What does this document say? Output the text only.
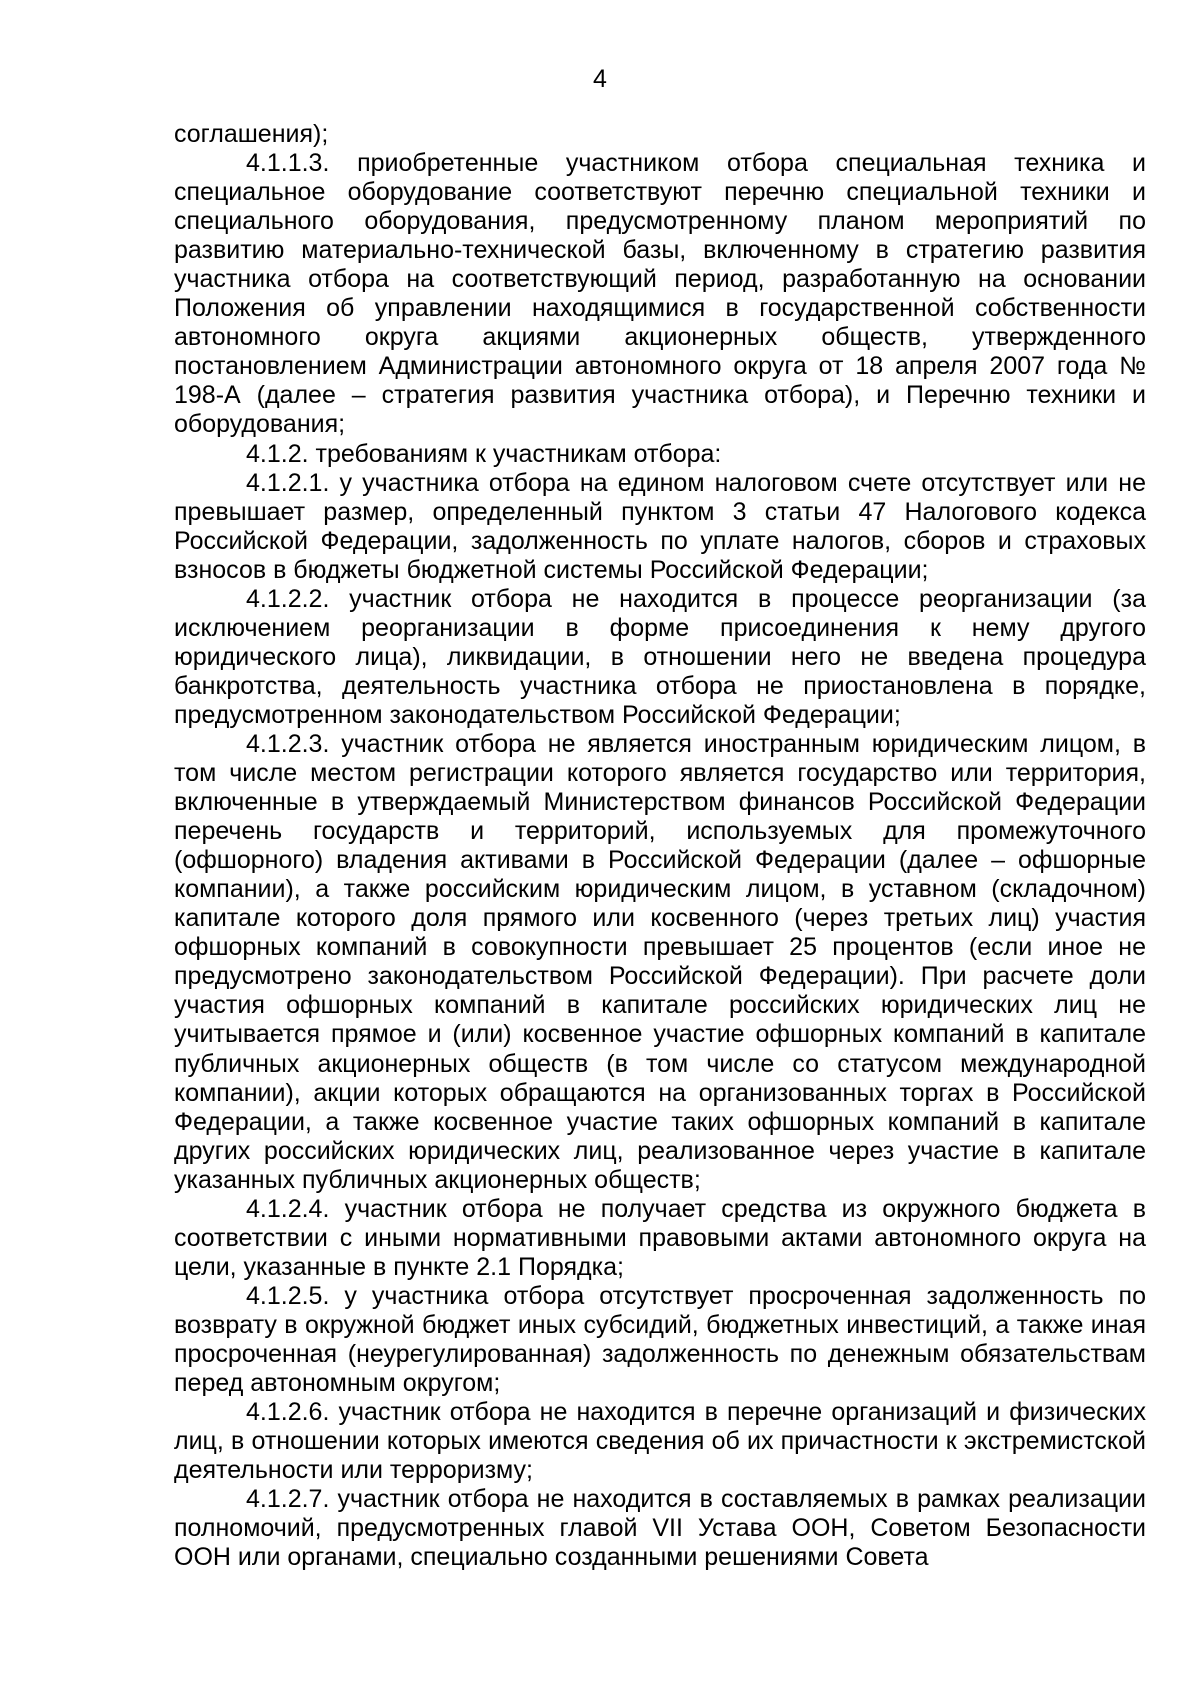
4

соглашения);

4.1.1.3. приобретенные участником отбора специальная техника и специальное оборудование соответствуют перечню специальной техники и специального оборудования, предусмотренному планом мероприятий по развитию материально-технической базы, включенному в стратегию развития участника отбора на соответствующий период, разработанную на основании Положения об управлении находящимися в государственной собственности автономного округа акциями акционерных обществ, утвержденного постановлением Администрации автономного округа от 18 апреля 2007 года № 198-А (далее – стратегия развития участника отбора), и Перечню техники и оборудования;

4.1.2. требованиям к участникам отбора:

4.1.2.1. у участника отбора на едином налоговом счете отсутствует или не превышает размер, определенный пунктом 3 статьи 47 Налогового кодекса Российской Федерации, задолженность по уплате налогов, сборов и страховых взносов в бюджеты бюджетной системы Российской Федерации;

4.1.2.2. участник отбора не находится в процессе реорганизации (за исключением реорганизации в форме присоединения к нему другого юридического лица), ликвидации, в отношении него не введена процедура банкротства, деятельность участника отбора не приостановлена в порядке, предусмотренном законодательством Российской Федерации;

4.1.2.3. участник отбора не является иностранным юридическим лицом, в том числе местом регистрации которого является государство или территория, включенные в утверждаемый Министерством финансов Российской Федерации перечень государств и территорий, используемых для промежуточного (офшорного) владения активами в Российской Федерации (далее – офшорные компании), а также российским юридическим лицом, в уставном (складочном) капитале которого доля прямого или косвенного (через третьих лиц) участия офшорных компаний в совокупности превышает 25 процентов (если иное не предусмотрено законодательством Российской Федерации). При расчете доли участия офшорных компаний в капитале российских юридических лиц не учитывается прямое и (или) косвенное участие офшорных компаний в капитале публичных акционерных обществ (в том числе со статусом международной компании), акции которых обращаются на организованных торгах в Российской Федерации, а также косвенное участие таких офшорных компаний в капитале других российских юридических лиц, реализованное через участие в капитале указанных публичных акционерных обществ;

4.1.2.4. участник отбора не получает средства из окружного бюджета в соответствии с иными нормативными правовыми актами автономного округа на цели, указанные в пункте 2.1 Порядка;

4.1.2.5. у участника отбора отсутствует просроченная задолженность по возврату в окружной бюджет иных субсидий, бюджетных инвестиций, а также иная просроченная (неурегулированная) задолженность по денежным обязательствам перед автономным округом;

4.1.2.6. участник отбора не находится в перечне организаций и физических лиц, в отношении которых имеются сведения об их причастности к экстремистской деятельности или терроризму;

4.1.2.7. участник отбора не находится в составляемых в рамках реализации полномочий, предусмотренных главой VII Устава ООН, Советом Безопасности ООН или органами, специально созданными решениями Совета
